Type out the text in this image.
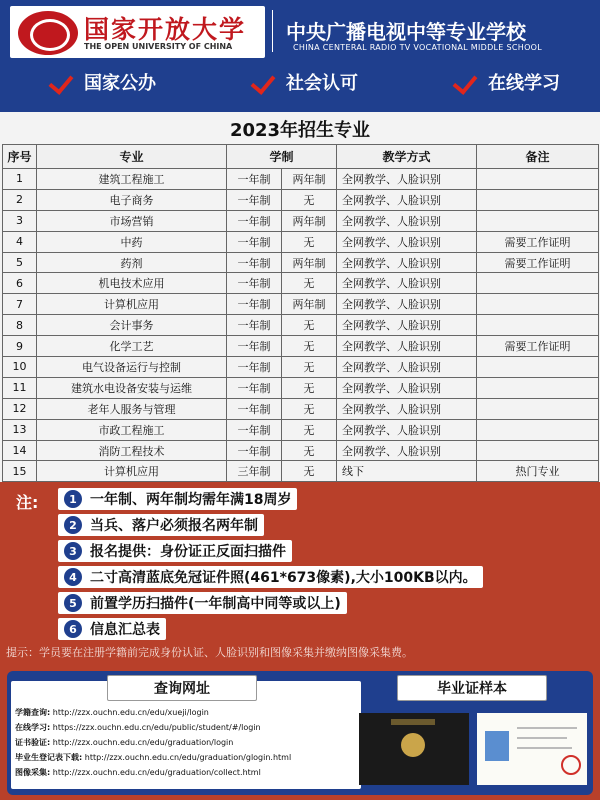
国家开放大学
THE OPEN UNIVERSITY OF CHINA
中央广播电视中等专业学校
CHINA CENTERAL RADIO TV VOCATIONAL MIDDLE SCHOOL
国家公办	社会认可	在线学习
2023年招生专业
序号	专业	学制		教学方式	备注
1	建筑工程施工	一年制	两年制	全网教学、人脸识别	
2	电子商务	一年制	无	全网教学、人脸识别	
3	市场营销	一年制	两年制	全网教学、人脸识别	
4	中药	一年制	无	全网教学、人脸识别	需要工作证明
5	药剂	一年制	两年制	全网教学、人脸识别	需要工作证明
6	机电技术应用	一年制	无	全网教学、人脸识别	
7	计算机应用	一年制	两年制	全网教学、人脸识别	
8	会计事务	一年制	无	全网教学、人脸识别	
9	化学工艺	一年制	无	全网教学、人脸识别	需要工作证明
10	电气设备运行与控制	一年制	无	全网教学、人脸识别	
11	建筑水电设备安装与运维	一年制	无	全网教学、人脸识别	
12	老年人服务与管理	一年制	无	全网教学、人脸识别	
13	市政工程施工	一年制	无	全网教学、人脸识别	
14	消防工程技术	一年制	无	全网教学、人脸识别	
15	计算机应用	三年制	无	线下	热门专业
注:	1 一年制、两年制均需年满18周岁
2 当兵、落户必须报名两年制
3 报名提供：身份证正反面扫描件
4 二寸高清蓝底免冠证件照(461*673像素),大小100KB以内。
5 前置学历扫描件(一年制高中同等或以上)
6 信息汇总表
提示：学员要在注册学籍前完成身份认证、人脸识别和图像采集并缴纳图像采集费。
查询网址
学籍查询: http://zzx.ouchn.edu.cn/edu/xueji/login
在线学习: https://zzx.ouchn.edu.cn/edu/public/student/#/login
证书验证: http://zzx.ouchn.edu.cn/edu/graduation/login
毕业生登记表下载: http://zzx.ouchn.edu.cn/edu/graduation/glogin.html
图像采集: http://zzx.ouchn.edu.cn/edu/graduation/collect.html
毕业证样本
